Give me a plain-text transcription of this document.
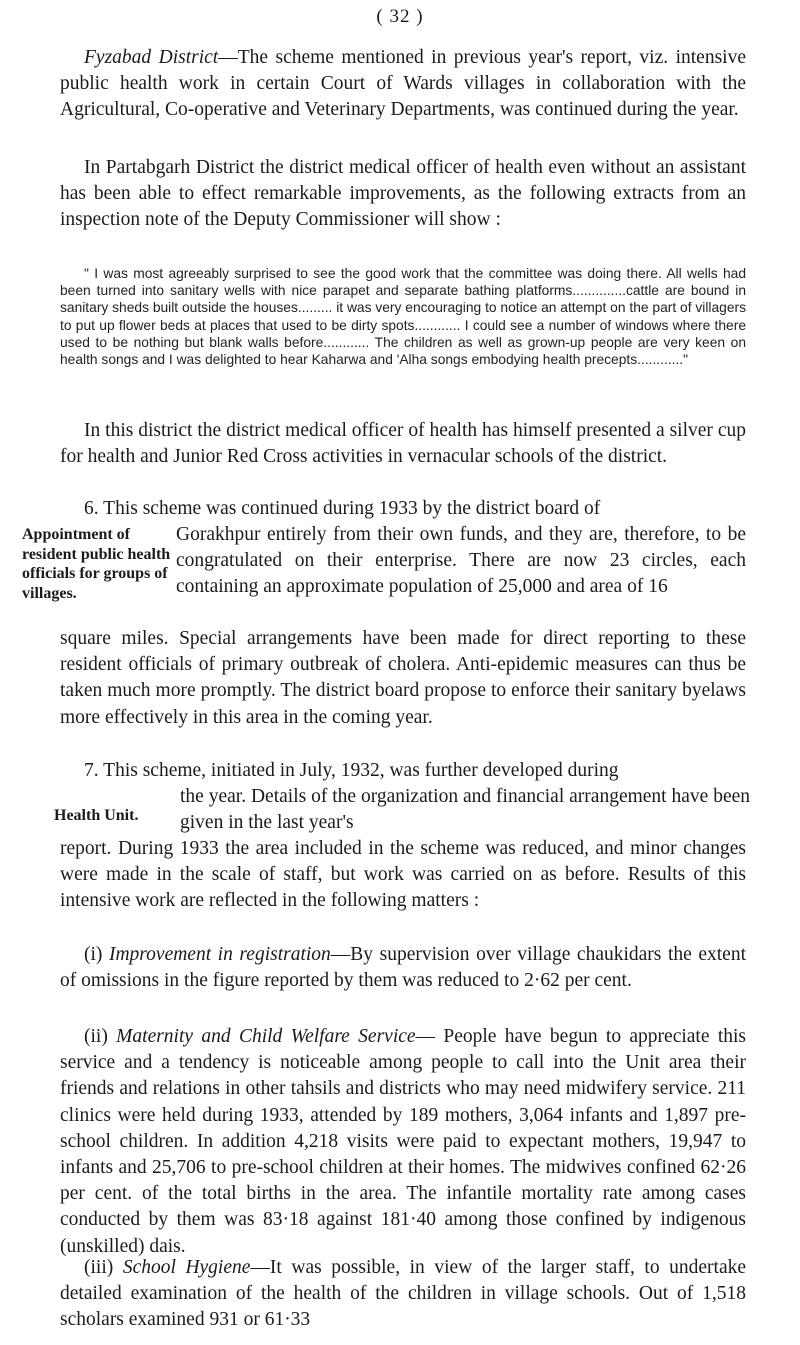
( 32 )
Fyzabad District—The scheme mentioned in previous year's report, viz. intensive public health work in certain Court of Wards villages in collaboration with the Agricultural, Co-operative and Veterinary Departments, was continued during the year.
In Partabgarh District the district medical officer of health even without an assistant has been able to effect remarkable improvements, as the following extracts from an inspection note of the Deputy Commissioner will show :
" I was most agreeably surprised to see the good work that the committee was doing there. All wells had been turned into sanitary wells with nice parapet and separate bathing platforms..............cattle are bound in sanitary sheds built outside the houses......... it was very encouraging to notice an attempt on the part of villagers to put up flower beds at places that used to be dirty spots............ I could see a number of windows where there used to be nothing but blank walls before............ The children as well as grown-up people are very keen on health songs and I was delighted to hear Kaharwa and 'Alha songs embodying health precepts............"
In this district the district medical officer of health has himself presented a silver cup for health and Junior Red Cross activities in vernacular schools of the district.
6. This scheme was continued during 1933 by the district board of
Appointment of resident public health officials for groups of villages.
Gorakhpur entirely from their own funds, and they are, therefore, to be congratulated on their enterprise. There are now 23 circles, each containing an approximate population of 25,000 and area of 16
square miles. Special arrangements have been made for direct reporting to these resident officials of primary outbreak of cholera. Anti-epidemic measures can thus be taken much more promptly. The district board propose to enforce their sanitary byelaws more effectively in this area in the coming year.
7. This scheme, initiated in July, 1932, was further developed during
Health Unit.
the year. Details of the organization and financial arrangement have been given in the last year's
report. During 1933 the area included in the scheme was reduced, and minor changes were made in the scale of staff, but work was carried on as before. Results of this intensive work are reflected in the following matters :
(i) Improvement in registration—By supervision over village chaukidars the extent of omissions in the figure reported by them was reduced to 2·62 per cent.
(ii) Maternity and Child Welfare Service— People have begun to appreciate this service and a tendency is noticeable among people to call into the Unit area their friends and relations in other tahsils and districts who may need midwifery service. 211 clinics were held during 1933, attended by 189 mothers, 3,064 infants and 1,897 pre-school children. In addition 4,218 visits were paid to expectant mothers, 19,947 to infants and 25,706 to pre-school children at their homes. The midwives confined 62·26 per cent. of the total births in the area. The infantile mortality rate among cases conducted by them was 83·18 against 181·40 among those confined by indigenous (unskilled) dais.
(iii) School Hygiene—It was possible, in view of the larger staff, to undertake detailed examination of the health of the children in village schools. Out of 1,518 scholars examined 931 or 61·33
